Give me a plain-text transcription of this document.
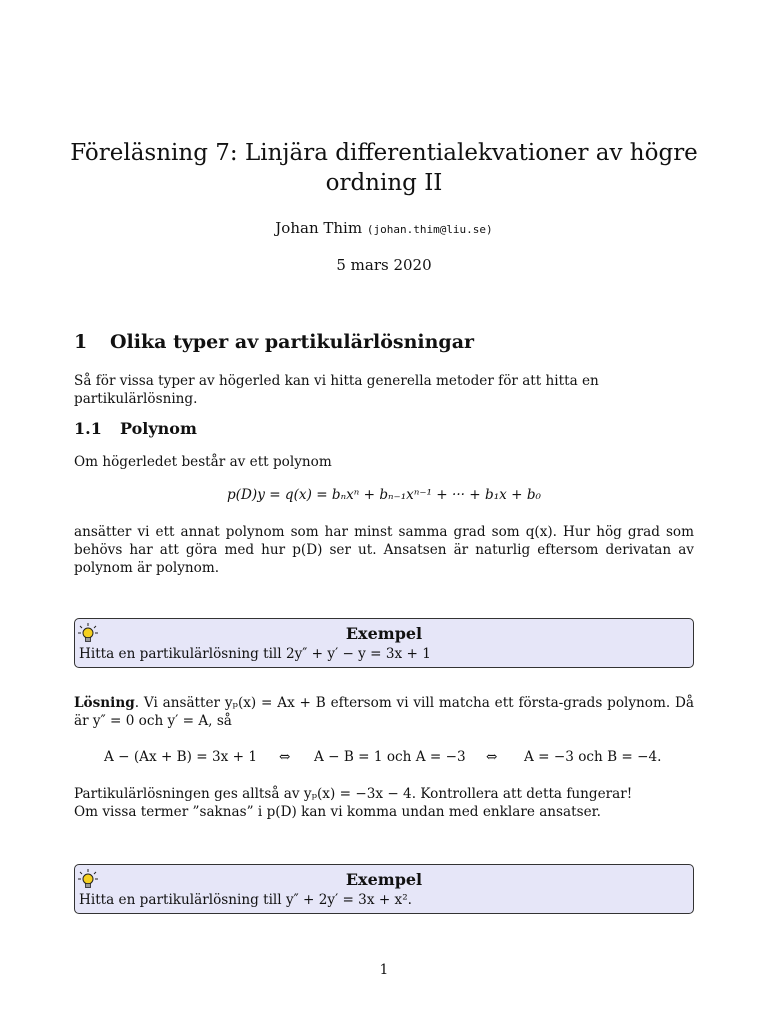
Föreläsning 7: Linjära differentialekvationer av högre ordning II
Johan Thim (johan.thim@liu.se)
5 mars 2020
1 Olika typer av partikulärlösningar
Så för vissa typer av högerled kan vi hitta generella metoder för att hitta en partikulärlösning.
1.1 Polynom
Om högerledet består av ett polynom
p(D)y = q(x) = bₙxⁿ + bₙ₋₁xⁿ⁻¹ + ··· + b₁x + b₀
ansätter vi ett annat polynom som har minst samma grad som q(x). Hur hög grad som behövs har att göra med hur p(D) ser ut. Ansatsen är naturlig eftersom derivatan av polynom är polynom.
Exempel
Hitta en partikulärlösning till 2y″ + y′ − y = 3x + 1
Lösning. Vi ansätter yₚ(x) = Ax + B eftersom vi vill matcha ett första-grads polynom. Då är y″ = 0 och y′ = A, så
A − (Ax + B) = 3x + 1 ⇔ A − B = 1 och A = −3 ⇔ A = −3 och B = −4.
Partikulärlösningen ges alltså av yₚ(x) = −3x − 4. Kontrollera att detta fungerar!
Om vissa termer ”saknas” i p(D) kan vi komma undan med enklare ansatser.
Exempel
Hitta en partikulärlösning till y″ + 2y′ = 3x + x².
1
